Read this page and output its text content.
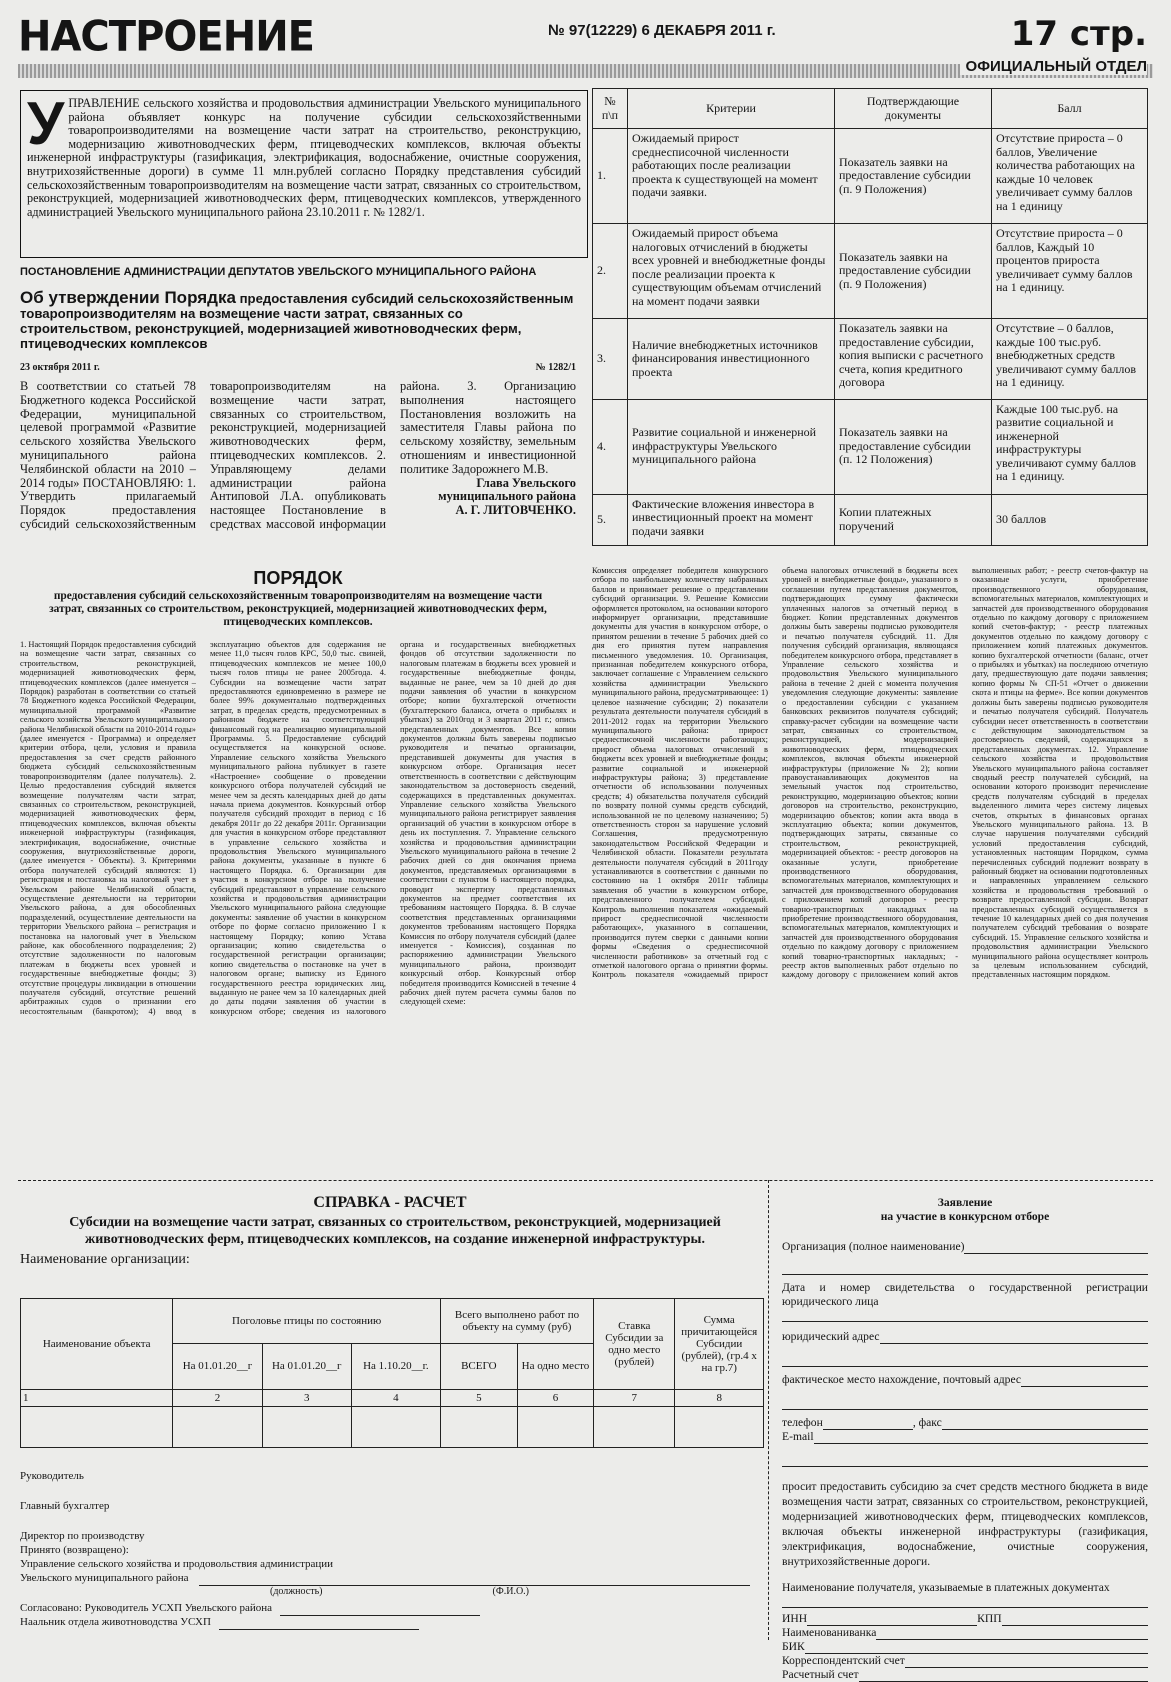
НАСТРОЕНИЕ	№ 97(12229) 6 ДЕКАБРЯ 2011 г.	17 стр.
ОФИЦИАЛЬНЫЙ ОТДЕЛ
У ПРАВЛЕНИЕ сельского хозяйства и продовольствия администрации Увельского муниципального района объявляет конкурс на получение субсидии сельскохозяйственными товаропроизводителями на возмещение части затрат на строительство, реконструкцию, модернизацию животноводческих ферм, птицеводческих комплексов, включая объекты инженерной инфраструктуры (газификация, электрификация, водоснабжение, очистные сооружения, внутрихозяйственные дороги) в сумме 11 млн.рублей согласно Порядку представления субсидий сельскохозяйственным товаропроизводителям на возмещение части затрат, связанных со строительством, реконструкцией, модернизацией животноводческих ферм, птицеводческих комплексов, утвержденного администрацией Увельского муниципального района 23.10.2011 г. № 1282/1.
№ п\п	Критерии	Подтверждающие документы	Балл
1.	Ожидаемый прирост среднесписочной численности работающих после реализации проекта к существующей на момент подачи заявки.	Показатель заявки на предоставление субсидии (п. 9 Положения)	Отсутствие прироста – 0 баллов, Увеличение количества работающих на каждые 10 человек увеличивает сумму баллов на 1 единицу
2.	Ожидаемый прирост объема налоговых отчислений в бюджеты всех уровней и внебюджетные фонды после реализации проекта к существующим объемам отчислений на момент подачи заявки	Показатель заявки на предоставление субсидии (п. 9 Положения)	Отсутствие прироста – 0 баллов, Каждый 10 процентов прироста увеличивает сумму баллов на 1 единицу.
3.	Наличие внебюджетных источников финансирования инвестиционного проекта	Показатель заявки на предоставление субсидии, копия выписки с расчетного счета, копия кредитного договора	Отсутствие – 0 баллов, каждые 100 тыс.руб. внебюджетных средств увеличивают сумму баллов на 1 единицу.
4.	Развитие социальной и инженерной инфраструктуры Увельского муниципального района	Показатель заявки на предоставление субсидии (п. 12 Положения)	Каждые 100 тыс.руб. на развитие социальной и инженерной инфраструктуры увеличивают сумму баллов на 1 единицу.
5.	Фактические вложения инвестора в инвестиционный проект на момент подачи заявки	Копии платежных поручений	30 баллов
ПОСТАНОВЛЕНИЕ АДМИНИСТРАЦИИ ДЕПУТАТОВ УВЕЛЬСКОГО МУНИЦИПАЛЬНОГО РАЙОНА
Об утверждении Порядка предоставления субсидий сельскохозяйственным товаропроизводителям на возмещение части затрат, связанных со строительством, реконструкцией, модернизацией животноводческих ферм, птицеводческих комплексов
23 октября 2011 г.	№ 1282/1
В соответствии со статьей 78 Бюджетного кодекса Российской Федерации, муниципальной целевой программой «Развитие сельского хозяйства Увельского муниципального района Челябинской области на 2010 – 2014 годы» ПОСТАНОВЛЯЮ: 1. Утвердить прилагаемый Порядок предоставления субсидий сельскохозяйственным товаропроизводителям на возмещение части затрат, связанных со строительством, реконструкцией, модернизацией животноводческих ферм, птицеводческих комплексов. 2. Управляющему делами администрации района Антиповой Л.А. опубликовать настоящее Постановление в средствах массовой информации района. 3. Организацию выполнения настоящего Постановления возложить на заместителя Главы района по сельскому хозяйству, земельным отношениям и инвестиционной политике Задорожнего М.В.
Глава Увельского муниципального района
А. Г. ЛИТОВЧЕНКО.
ПОРЯДОК
предоставления субсидий сельскохозяйственным товаропроизводителям на возмещение части затрат, связанных со строительством, реконструкцией, модернизацией животноводческих ферм, птицеводческих комплексов.
1. Настоящий Порядок предоставления субсидий на возмещение части затрат, связанных со строительством, реконструкцией, модернизацией животноводческих ферм, птицеводческих комплексов (далее именуется – Порядок) разработан в соответствии со статьей 78 Бюджетного кодекса Российской Федерации, муниципальной программой «Развитие сельского хозяйства Увельского муниципального района Челябинской области на 2010-2014 годы» (далее именуется - Программа) и определяет критерии отбора, цели, условия и правила предоставления за счет средств районного бюджета субсидий сельскохозяйственным товаропроизводителям (далее получатель). 2. Целью предоставления субсидий является возмещение получателям части затрат, связанных со строительством, реконструкцией, модернизацией животноводческих ферм, птицеводческих комплексов, включая объекты инженерной инфраструктуры (газификация, электрификация, водоснабжение, очистные сооружения, внутрихозяйственные дороги, (далее именуется - Объекты). 3. Критериями отбора получателей субсидий являются: 1) регистрация и постановка на налоговый учет в Увельском районе Челябинской области, осуществление деятельности на территории Увельского района, а для обособленных подразделений, осуществление деятельности на территории Увельского района – регистрация и постановка на налоговый учет в Увельском районе, как обособленного подразделения; 2) отсутствие задолженности по налоговым платежам в бюджеты всех уровней и государственные внебюджетные фонды; 3) отсутствие процедуры ликвидации в отношении получателя субсидий, отсутствие решений арбитражных судов о признании его несостоятельным (банкротом); 4) ввод в эксплуатацию объектов для содержания не менее 11,0 тысяч голов КРС, 50,0 тыс. свиней, птицеводческих комплексов не менее 100,0 тысяч голов птицы не ранее 2005года. 4. Субсидии на возмещение части затрат предоставляются единовременно в размере не более 99% документально подтвержденных затрат, в пределах средств, предусмотренных в районном бюджете на соответствующий финансовый год на реализацию муниципальной Программы. 5. Предоставление субсидий осуществляется на конкурсной основе. Управление сельского хозяйства Увельского муниципального района публикует в газете «Настроение» сообщение о проведении конкурсного отбора получателей субсидий не менее чем за десять календарных дней до даты начала приема документов. Конкурсный отбор получателя субсидий проходит в период с 16 декабря 2011г до 22 декабря 2011г. Организации для участия в конкурсном отборе представляют в управление сельского хозяйства и продовольствия Увельского муниципального района документы, указанные в пункте 6 настоящего Порядка. 6. Организации для участия в конкурсном отборе на получение субсидий представляют в управление сельского хозяйства и продовольствия администрации Увельского муниципального района следующие документы: заявление об участии в конкурсном отборе по форме согласно приложению I к настоящему Порядку; копию Устава организации; копию свидетельства о государственной регистрации организации; копию свидетельства о постановке на учет в налоговом органе; выписку из Единого государственного реестра юридических лиц, выданную не ранее чем за 10 календарных дней до даты подачи заявления об участии в конкурсном отборе; сведения из налогового органа и государственных внебюджетных фондов об отсутствии задолженности по налоговым платежам в бюджеты всех уровней и государственные внебюджетные фонды, выданные не ранее, чем за 10 дней до дня подачи заявления об участии в конкурсном отборе; копии бухгалтерской отчетности (бухгалтерского баланса, отчета о прибылях и убытках) за 2010год и 3 квартал 2011 г.; опись представленных документов. Все копии документов должны быть заверены подписью руководителя и печатью организации, представившей документы для участия в конкурсном отборе. Организация несет ответственность в соответствии с действующим законодательством за достоверность сведений, содержащихся в представленных документах. Управление сельского хозяйства Увельского муниципального района регистрирует заявления организаций об участии в конкурсном отборе в день их поступления. 7. Управление сельского хозяйства и продовольствия администрации Увельского муниципального района в течение 2 рабочих дней со дня окончания приема документов, представляемых организациями в соответствии с пунктом 6 настоящего порядка, проводит экспертизу представленных документов на предмет соответствия их требованиям настоящего Порядка. 8. В случае соответствия представленных организациями документов требованиям настоящего Порядка Комиссия по отбору получателя субсидий (далее именуется - Комиссия), созданная по распоряжению администрации Увельского муниципального района, производит конкурсный отбор. Конкурсный отбор победителя производится Комиссией в течение 4 рабочих дней путем расчета суммы балов по следующей схеме:
Комиссия определяет победителя конкурсного отбора по наибольшему количеству набранных баллов и принимает решение о представлении субсидий организации. 9. Решение Комиссии оформляется протоколом, на основании которого информирует организации, представившие документы для участия в конкурсном отборе, о принятом решении в течение 5 рабочих дней со дня его принятия путем направления письменного уведомления. 10. Организация, признанная победителем конкурсного отбора, заключает соглашение с Управлением сельского хозяйства администрации Увельского муниципального района, предусматривающее: 1) целевое назначение субсидии; 2) показатели результата деятельности получателя субсидий в 2011-2012 годах на территории Увельского муниципального района: прирост среднесписочной численности работающих; прирост объема налоговых отчислений в бюджеты всех уровней и внебюджетные фонды; развитие социальной и инженерной инфраструктуры района; 3) представление отчетности об использовании полученных средств; 4) обязательства получателя субсидий по возврату полной суммы средств субсидий, использованной не по целевому назначению; 5) ответственность сторон за нарушение условий Соглашения, предусмотренную законодательством Российской Федерации и Челябинской области. Показатели результата деятельности получателя субсидий в 2011году устанавливаются в соответствии с данными по состоянию на 1 октября 2011г таблицы заявления об участии в конкурсном отборе, представленного получателем субсидий. Контроль выполнения показателя «ожидаемый прирост среднесписочной численности работающих», указанного в соглашении, производится путем сверки с данными копии формы «Сведения о среднесписочной численности работников» за отчетный год с отметкой налогового органа о принятии формы. Контроль показателя «ожидаемый прирост объема налоговых отчислений в бюджеты всех уровней и внебюджетные фонды», указанного в соглашении путем представления документов, подтверждающих сумму фактически уплаченных налогов за отчетный период в бюджет. Копии представленных документов должны быть заверены подписью руководителя и печатью получателя субсидий. 11. Для получения субсидий организация, являющаяся победителем конкурсного отбора, представляет в Управление сельского хозяйства и продовольствия Увельского муниципального района в течение 2 дней с момента получения уведомления следующие документы: заявление о предоставлении субсидии с указанием банковских реквизитов получателя субсидий; справку-расчет субсидии на возмещение части затрат, связанных со строительством, реконструкцией, модернизацией животноводческих ферм, птицеводческих комплексов, включая объекты инженерной инфраструктуры (приложение № 2); копии правоустанавливающих документов на земельный участок под строительство, реконструкцию, модернизацию объектов; копии договоров на строительство, реконструкцию, модернизацию объектов; копии акта ввода в эксплуатацию объекта; копии документов, подтверждающих затраты, связанные со строительством, реконструкцией, модернизацией объектов: - реестр договоров на оказанные услуги, приобретение производственного оборудования, вспомогательных материалов, комплектующих и запчастей для производственного оборудования с приложением копий договоров - реестр товарно-транспортных накладных на приобретение производственного оборудования, вспомогательных материалов, комплектующих и запчастей для производственного оборудования отдельно по каждому договору с приложением копий товарно-транспортных накладных; - реестр актов выполненных работ отдельно по каждому договору с приложением копий актов выполненных работ; - реестр счетов-фактур на оказанные услуги, приобретение производственного оборудования, вспомогательных материалов, комплектующих и запчастей для производственного оборудования отдельно по каждому договору с приложением копий счетов-фактур; - реестр платежных документов отдельно по каждому договору с приложением копий платежных документов. копию бухгалтерской отчетности (баланс, отчет о прибылях и убытках) на последнюю отчетную дату, предшествующую дате подачи заявления; копию формы № СП-51 «Отчет о движении скота и птицы на ферме». Все копии документов должны быть заверены подписью руководителя и печатью получателя субсидий. Получатель субсидии несет ответственность в соответствии с действующим законодательством за достоверность сведений, содержащихся в представленных документах. 12. Управление сельского хозяйства и продовольствия Увельского муниципального района составляет сводный реестр получателей субсидий, на основании которого производит перечисление средств получателям субсидий в пределах выделенного лимита через систему лицевых счетов, открытых в финансовых органах Увельского муниципального района. 13. В случае нарушения получателями субсидий условий предоставления субсидий, установленных настоящим Порядком, сумма перечисленных субсидий подлежит возврату в районный бюджет на основании подготовленных и направленных управлением сельского хозяйства и продовольствия требований о возврате предоставленной субсидии. Возврат предоставленных субсидий осуществляется в течение 10 календарных дней со дня получения получателем субсидий требования о возврате субсидий. 15. Управление сельского хозяйства и продовольствия администрации Увельского муниципального района осуществляет контроль за целевым использованием субсидий, представленных настоящим порядком.
СПРАВКА - РАСЧЕТ
Субсидии на возмещение части затрат, связанных со строительством, реконструкцией, модернизацией животноводческих ферм, птицеводческих комплексов, на создание инженерной инфраструктуры.
Наименование организации:
Наименование объекта	Поголовье птицы по состоянию			Всего выполнено работ по объекту на сумму (руб)		Ставка Субсидии за одно место (рублей)	Сумма причитающейся Субсидии (рублей), (гр.4 х на гр.7)
	На 01.01.20__г	На 01.01.20__г	На 1.10.20__г.	ВСЕГО	На одно место		
1	2	3	4	5	6	7	8

Руководитель
Главный бухгалтер
Директор по производству
Принято (возвращено):
Управление сельского хозяйства и продовольствия администрации
Увельского муниципального района
(должность)	(Ф.И.О.)
Согласовано: Руководитель УСХП Увельского района
Наальник отдела животноводства УСХП
Заявление
на участие в конкурсном отборе
Организация (полное наименование)
Дата и номер свидетельства о государственной регистрации юридического лица
юридический адрес
фактическое место нахождение, почтовый адрес
телефон	, факс
E-mail
просит предоставить субсидию за счет средств местного бюджета в виде возмещения части затрат, связанных со строительством, реконструкцией, модернизацией животноводческих ферм, птицеводческих комплексов, включая объекты инженерной инфраструктуры (газификация, электрификация, водоснабжение, очистные сооружения, внутрихозяйственные дороги.
Наименование получателя, указываемые в платежных документах
ИНН	КПП
Наименованиванка
БИК
Корреспондентский счет
Расчетный счет
